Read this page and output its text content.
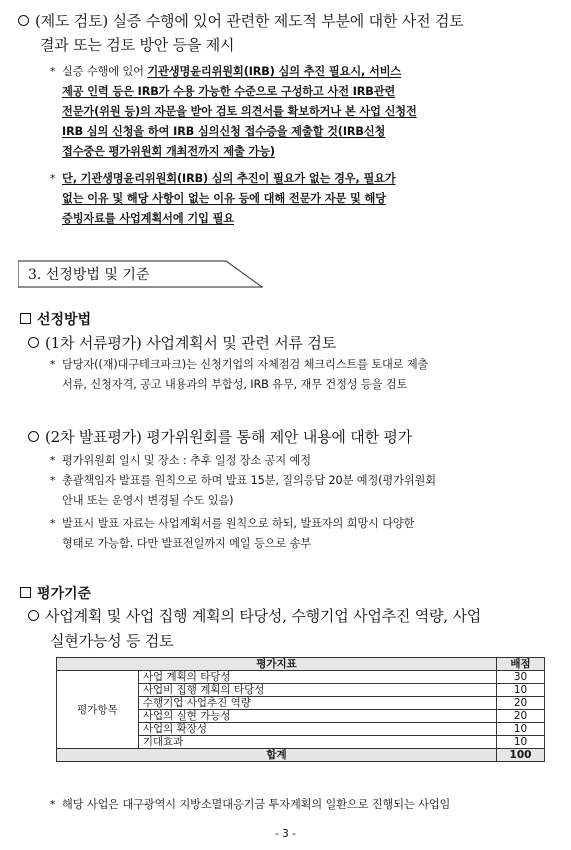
(제도 검토) 실증 수행에 있어 관련한 제도적 부분에 대한 사전 검토
결과 또는 검토 방안 등을 제시
* 실증 수행에 있어 기관생명윤리위원회(IRB) 심의 추진 필요시, 서비스
제공 인력 등은 IRB가 수용 가능한 수준으로 구성하고 사전 IRB관련
전문가(위원 등)의 자문을 받아 검토 의견서를 확보하거나 본 사업 신청전
IRB 심의 신청을 하여 IRB 심의신청 접수증을 제출할 것(IRB신청
접수중은 평가위원회 개최전까지 제출 가능)
* 단, 기관생명윤리위원회(IRB) 심의 추진이 필요가 없는 경우, 필요가
없는 이유 및 해당 사항이 없는 이유 등에 대해 전문가 자문 및 해당
증빙자료를 사업계획서에 기입 필요
3. 선정방법 및 기준
선정방법
(1차 서류평가) 사업계획서 및 관련 서류 검토
* 담당자((재)대구테크파크)는 신청기업의 자체점검 체크리스트를 토대로 제출
서류, 신청자격, 공고 내용과의 부합성, IRB 유무, 재무 건정성 등을 검토
(2차 발표평가) 평가위원회를 통해 제안 내용에 대한 평가
* 평가위원회 일시 및 장소 : 추후 일정 장소 공지 예정
* 총괄책임자 발표를 원칙으로 하며 발표 15분, 질의응답 20분 예정(평가위원회
안내 또는 운영시 변경될 수도 있음)
* 발표시 발표 자료는 사업계획서를 원칙으로 하되, 발표자의 희망시 다양한
형태로 가능함. 다만 발표전일까지 메일 등으로 송부
평가기준
사업계획 및 사업 집행 계획의 타당성, 수행기업 사업추진 역량, 사업
실현가능성 등 검토
평가지표		배점
평가항목	사업 계획의 타당성	30
	사업비 집행 계획의 타당성	10
	수행기업 사업추진 역량	20
	사업의 실현 가능성	20
	사업의 확장성	10
	기대효과	10
합계		100
* 해당 사업은 대구광역시 지방소멸대응기금 투자계획의 일환으로 진행되는 사업임
- 3 -
